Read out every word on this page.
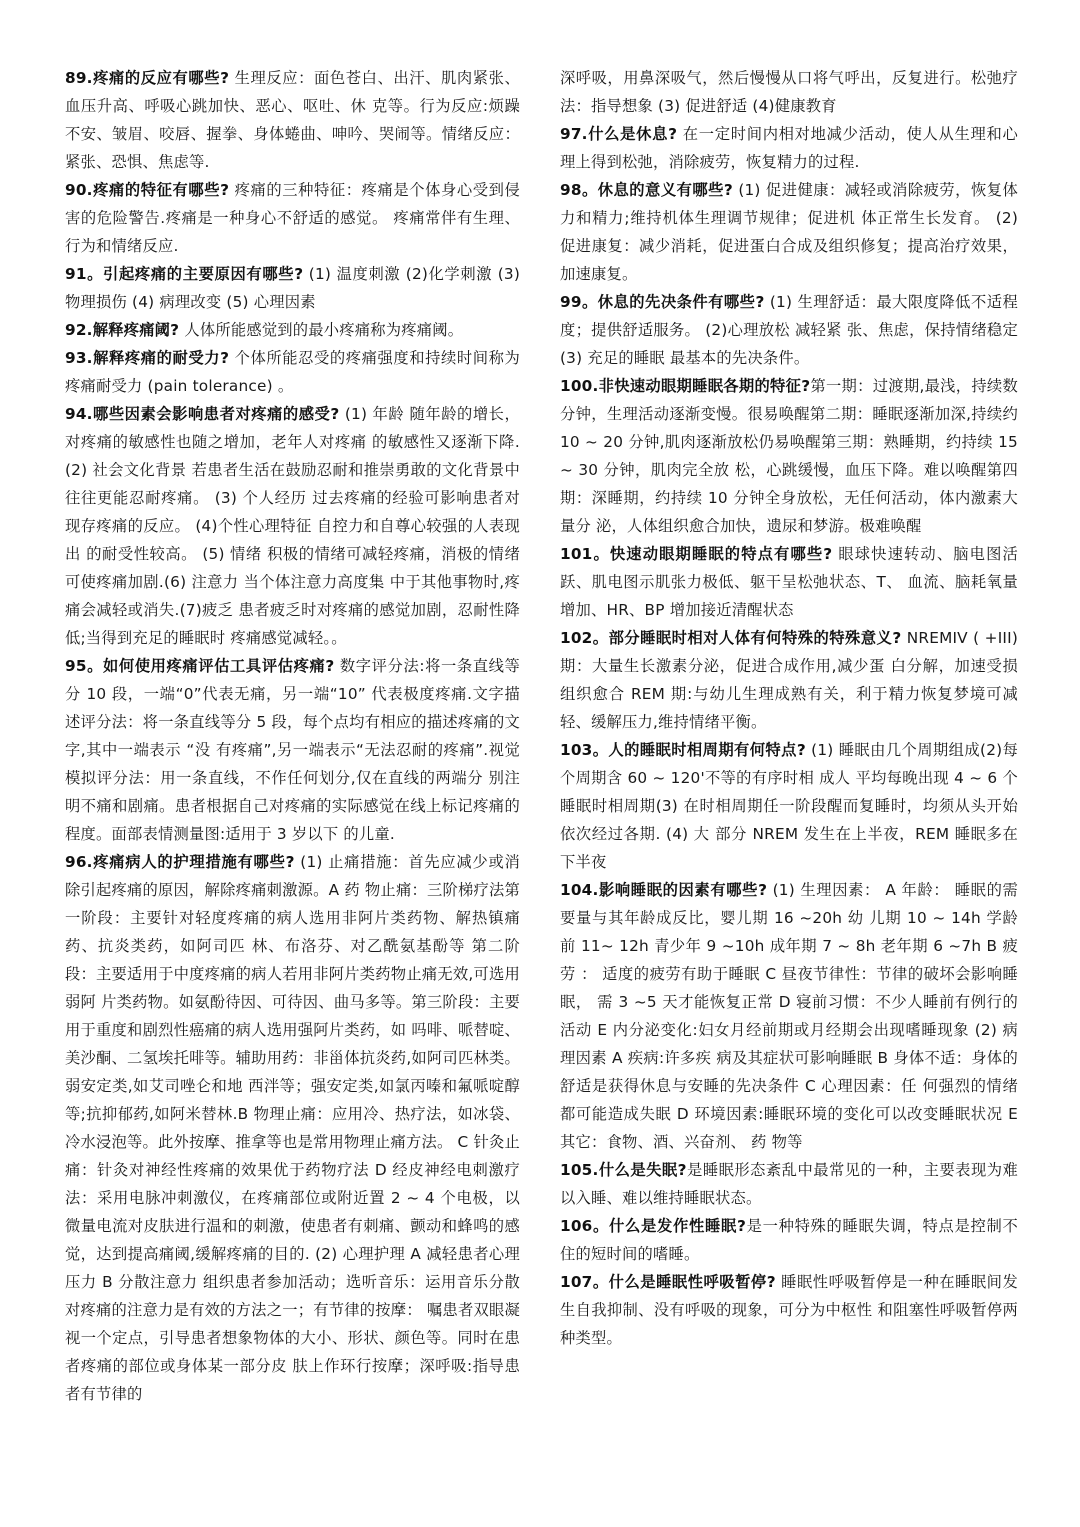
89.疼痛的反应有哪些? 生理反应：面色苍白、出汗、肌肉紧张、血压升高、呼吸心跳加快、恶心、呕吐、休 克等。行为反应:烦躁不安、皱眉、咬唇、握拳、身体蜷曲、呻吟、哭闹等。情绪反应： 紧张、恐惧、焦虑等.

90.疼痛的特征有哪些? 疼痛的三种特征：疼痛是个体身心受到侵害的危险警告.疼痛是一种身心不舒适的感觉。 疼痛常伴有生理、行为和情绪反应.

91。引起疼痛的主要原因有哪些? (1) 温度刺激 (2)化学刺激 (3) 物理损伤 (4) 病理改变 (5) 心理因素

92.解释疼痛阈? 人体所能感觉到的最小疼痛称为疼痛阈。

93.解释疼痛的耐受力? 个体所能忍受的疼痛强度和持续时间称为疼痛耐受力 (pain tolerance) 。

94.哪些因素会影响患者对疼痛的感受? (1) 年龄 随年龄的增长，对疼痛的敏感性也随之增加，老年人对疼痛 的敏感性又逐渐下降. (2) 社会文化背景 若患者生活在鼓励忍耐和推崇勇敢的文化背景中往往更能忍耐疼痛。 (3) 个人经历 过去疼痛的经验可影响患者对现存疼痛的反应。 (4)个性心理特征 自控力和自尊心较强的人表现出 的耐受性较高。 (5) 情绪 积极的情绪可减轻疼痛，消极的情绪可使疼痛加剧.(6) 注意力 当个体注意力高度集 中于其他事物时,疼痛会减轻或消失.(7)疲乏 患者疲乏时对疼痛的感觉加剧，忍耐性降低;当得到充足的睡眠时 疼痛感觉减轻。。

95。如何使用疼痛评估工具评估疼痛? 数字评分法:将一条直线等分 10 段，一端“0”代表无痛，另一端“10” 代表极度疼痛.文字描述评分法：将一条直线等分 5 段，每个点均有相应的描述疼痛的文字,其中一端表示 “没 有疼痛”,另一端表示“无法忍耐的疼痛”.视觉模拟评分法：用一条直线，不作任何划分,仅在直线的两端分 别注明不痛和剧痛。患者根据自己对疼痛的实际感觉在线上标记疼痛的程度。面部表情测量图:适用于 3 岁以下 的儿童.

96.疼痛病人的护理措施有哪些? (1) 止痛措施：首先应减少或消除引起疼痛的原因，解除疼痛刺激源。A 药 物止痛：三阶梯疗法第一阶段：主要针对轻度疼痛的病人选用非阿片类药物、解热镇痛药、抗炎类药，如阿司匹 林、布洛芬、对乙酰氨基酚等 第二阶段：主要适用于中度疼痛的病人若用非阿片类药物止痛无效,可选用弱阿 片类药物。如氨酚待因、可待因、曲马多等。第三阶段：主要用于重度和剧烈性癌痛的病人选用强阿片类药，如 吗啡、哌替啶、美沙酮、二氢埃托啡等。辅助用药：非甾体抗炎药,如阿司匹林类。弱安定类,如艾司唑仑和地 西泮等；强安定类,如氯丙嗪和氟哌啶醇等;抗抑郁药,如阿米替林.B 物理止痛：应用冷、热疗法，如冰袋、 冷水浸泡等。此外按摩、推拿等也是常用物理止痛方法。 C 针灸止痛：针灸对神经性疼痛的效果优于药物疗法 D 经皮神经电刺激疗法：采用电脉冲刺激仪，在疼痛部位或附近置 2 ~ 4 个电极，以微量电流对皮肤进行温和的刺激，使患者有刺痛、颤动和蜂鸣的感觉，达到提高痛阈,缓解疼痛的目的. (2) 心理护理 A 减轻患者心理压力 B 分散注意力 组织患者参加活动；选听音乐：运用音乐分散对疼痛的注意力是有效的方法之一；有节律的按摩： 嘱患者双眼凝视一个定点，引导患者想象物体的大小、形状、颜色等。同时在患者疼痛的部位或身体某一部分皮 肤上作环行按摩；深呼吸:指导患者有节律的

深呼吸，用鼻深吸气，然后慢慢从口将气呼出，反复进行。松弛疗 法：指导想象 (3) 促进舒适 (4)健康教育

97.什么是休息? 在一定时间内相对地减少活动，使人从生理和心理上得到松弛，消除疲劳，恢复精力的过程.

98。休息的意义有哪些? (1) 促进健康：减轻或消除疲劳，恢复体力和精力;维持机体生理调节规律；促进机 体正常生长发育。 (2) 促进康复：减少消耗，促进蛋白合成及组织修复；提高治疗效果，加速康复。

99。休息的先决条件有哪些? (1) 生理舒适：最大限度降低不适程度；提供舒适服务。 (2)心理放松 减轻紧 张、焦虑，保持情绪稳定 (3) 充足的睡眠 最基本的先决条件。

100.非快速动眼期睡眠各期的特征?第一期：过渡期,最浅，持续数分钟，生理活动逐渐变慢。很易唤醒第二期：睡眠逐渐加深,持续约 10 ~ 20 分钟,肌肉逐渐放松仍易唤醒第三期：熟睡期，约持续 15 ~ 30 分钟，肌肉完全放 松，心跳缓慢，血压下降。难以唤醒第四期：深睡期，约持续 10 分钟全身放松，无任何活动，体内激素大量分 泌，人体组织愈合加快，遗尿和梦游。极难唤醒

101。快速动眼期睡眠的特点有哪些? 眼球快速转动、脑电图活跃、肌电图示肌张力极低、躯干呈松弛状态、T、 血流、脑耗氧量增加、HR、BP 增加接近清醒状态

102。部分睡眠时相对人体有何特殊的特殊意义? NREMIV ( +III) 期：大量生长激素分泌，促进合成作用,减少蛋 白分解，加速受损组织愈合 REM 期:与幼儿生理成熟有关，利于精力恢复梦境可减轻、缓解压力,维持情绪平衡。

103。人的睡眠时相周期有何特点? (1) 睡眠由几个周期组成(2)每个周期含 60 ~ 120'不等的有序时相 成人 平均每晚出现 4 ~ 6 个睡眠时相周期(3) 在时相周期任一阶段醒而复睡时，均须从头开始依次经过各期. (4) 大 部分 NREM 发生在上半夜，REM 睡眠多在下半夜

104.影响睡眠的因素有哪些? (1) 生理因素： A 年龄： 睡眠的需要量与其年龄成反比，婴儿期 16 ~20h 幼 儿期 10 ~ 14h 学龄前 11~ 12h 青少年 9 ~10h 成年期 7 ~ 8h 老年期 6 ~7h B 疲劳 ： 适度的疲劳有助于睡眠 C 昼夜节律性：节律的破坏会影响睡眠， 需 3 ~5 天才能恢复正常 D 寝前习惯：不少人睡前有例行的活动 E 内分泌变化:妇女月经前期或月经期会出现嗜睡现象 (2) 病理因素 A 疾病:许多疾 病及其症状可影响睡眠 B 身体不适：身体的舒适是获得休息与安睡的先决条件 C 心理因素：任 何强烈的情绪都可能造成失眠 D 环境因素:睡眠环境的变化可以改变睡眠状况 E 其它：食物、酒、兴奋剂、 药 物等

105.什么是失眠?是睡眠形态紊乱中最常见的一种，主要表现为难以入睡、难以维持睡眠状态。

106。什么是发作性睡眠?是一种特殊的睡眠失调，特点是控制不住的短时间的嗜睡。

107。什么是睡眠性呼吸暂停? 睡眠性呼吸暂停是一种在睡眠间发生自我抑制、没有呼吸的现象，可分为中枢性 和阻塞性呼吸暂停两种类型。
